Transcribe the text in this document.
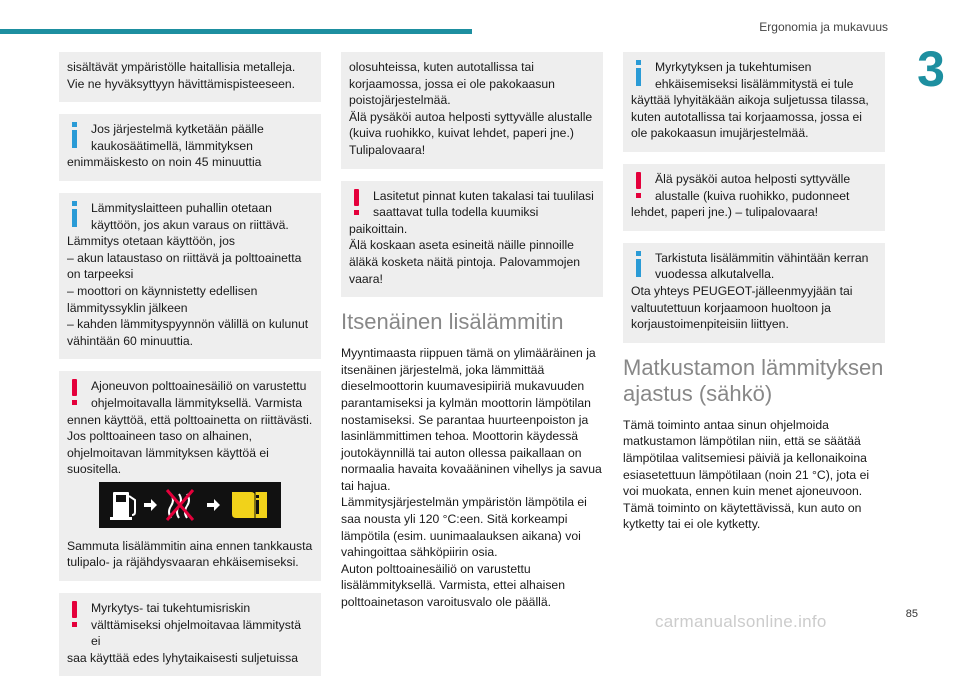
Ergonomia ja mukavuus
3

sisältävät ympäristölle haitallisia metalleja.
Vie ne hyväksyttyyn hävittämispisteeseen.

Jos järjestelmä kytketään päälle kaukosäätimellä, lämmityksen

enimmäiskesto on noin 45 minuuttia

Lämmityslaitteen puhallin otetaan käyttöön, jos akun varaus on riittävä.

Lämmitys otetaan käyttöön, jos
– akun lataustaso on riittävä ja polttoainetta on tarpeeksi
– moottori on käynnistetty edellisen lämmityssyklin jälkeen
– kahden lämmityspyynnön välillä on kulunut vähintään 60 minuuttia.

Ajoneuvon polttoainesäiliö on varustettu ohjelmoitavalla lämmityksellä. Varmista

ennen käyttöä, että polttoainetta on riittävästi.
Jos polttoaineen taso on alhainen, ohjelmoitavan lämmityksen käyttöä ei suositella.

Sammuta lisälämmitin aina ennen tankkausta tulipalo- ja räjähdysvaaran ehkäisemiseksi.

Myrkytys- tai tukehtumisriskin välttämiseksi ohjelmoitavaa lämmitystä ei

saa käyttää edes lyhytaikaisesti suljetuissa

olosuhteissa, kuten autotallissa tai korjaamossa, jossa ei ole pakokaasun poistojärjestelmää.
Älä pysäköi autoa helposti syttyvälle alustalle (kuiva ruohikko, kuivat lehdet, paperi jne.)
Tulipalovaara!

Lasitetut pinnat kuten takalasi tai tuulilasi saattavat tulla todella kuumiksi

paikoittain.
Älä koskaan aseta esineitä näille pinnoille äläkä kosketa näitä pintoja. Palovammojen vaara!

Itsenäinen lisälämmitin

Myyntimaasta riippuen tämä on ylimääräinen ja itsenäinen järjestelmä, joka lämmittää dieselmoottorin kuumavesipiiriä mukavuuden parantamiseksi ja kylmän moottorin lämpötilan nostamiseksi. Se parantaa huurteenpoiston ja lasinlämmittimen tehoa. Moottorin käydessä joutokäynnillä tai auton ollessa paikallaan on normaalia havaita kovaääninen vihellys ja savua tai hajua.
Lämmitysjärjestelmän ympäristön lämpötila ei saa nousta yli 120 °C:een. Sitä korkeampi lämpötila (esim. uunimaalauksen aikana) voi vahingoittaa sähköpiirin osia.
Auton polttoainesäiliö on varustettu lisälämmityksellä. Varmista, ettei alhaisen polttoainetason varoitusvalo ole päällä.

Myrkytyksen ja tukehtumisen ehkäisemiseksi lisälämmitystä ei tule

käyttää lyhyitäkään aikoja suljetussa tilassa, kuten autotallissa tai korjaamossa, jossa ei ole pakokaasun imujärjestelmää.

Älä pysäköi autoa helposti syttyvälle alustalle (kuiva ruohikko, pudonneet

lehdet, paperi jne.) – tulipalovaara!

Tarkistuta lisälämmitin vähintään kerran vuodessa alkutalvella.

Ota yhteys PEUGEOT-jälleenmyyjään tai valtuutettuun korjaamoon huoltoon ja korjaustoimenpiteisiin liittyen.

Matkustamon lämmityksen ajastus (sähkö)

Tämä toiminto antaa sinun ohjelmoida matkustamon lämpötilan niin, että se säätää lämpötilaa valitsemiesi päiviä ja kellonaikoina esiasetettuun lämpötilaan (noin 21 °C), jota ei voi muokata, ennen kuin menet ajoneuvoon.
Tämä toiminto on käytettävissä, kun auto on kytketty tai ei ole kytketty.

carmanualsonline.info	85
